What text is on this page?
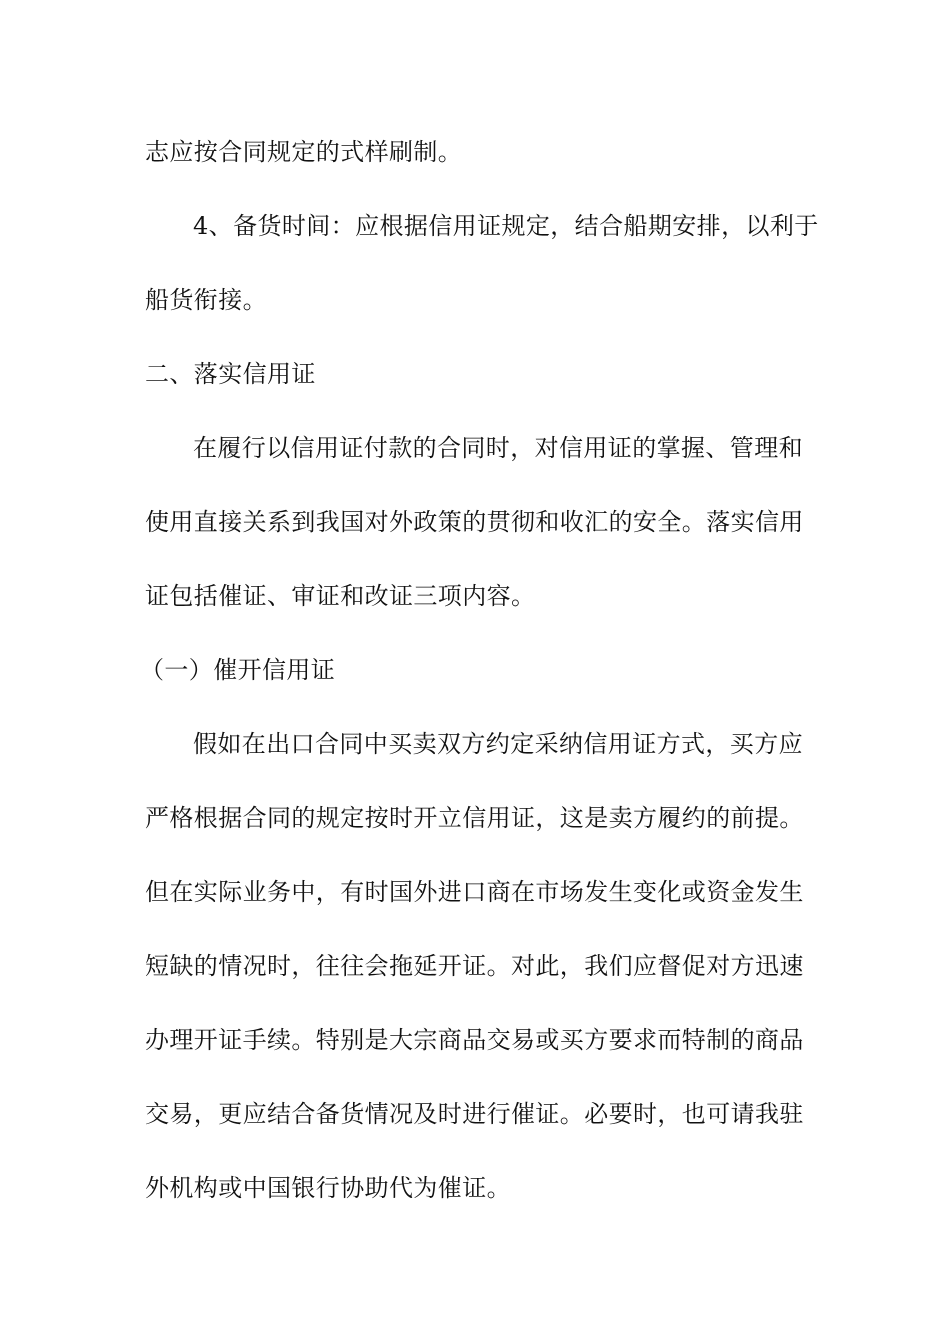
志应按合同规定的式样刷制。
4、备货时间：应根据信用证规定，结合船期安排，以利于
船货衔接。
二、落实信用证
在履行以信用证付款的合同时，对信用证的掌握、管理和
使用直接关系到我国对外政策的贯彻和收汇的安全。落实信用
证包括催证、审证和改证三项内容。
（一）催开信用证
假如在出口合同中买卖双方约定采纳信用证方式，买方应
严格根据合同的规定按时开立信用证，这是卖方履约的前提。
但在实际业务中，有时国外进口商在市场发生变化或资金发生
短缺的情况时，往往会拖延开证。对此，我们应督促对方迅速
办理开证手续。特别是大宗商品交易或买方要求而特制的商品
交易，更应结合备货情况及时进行催证。必要时，也可请我驻
外机构或中国银行协助代为催证。
